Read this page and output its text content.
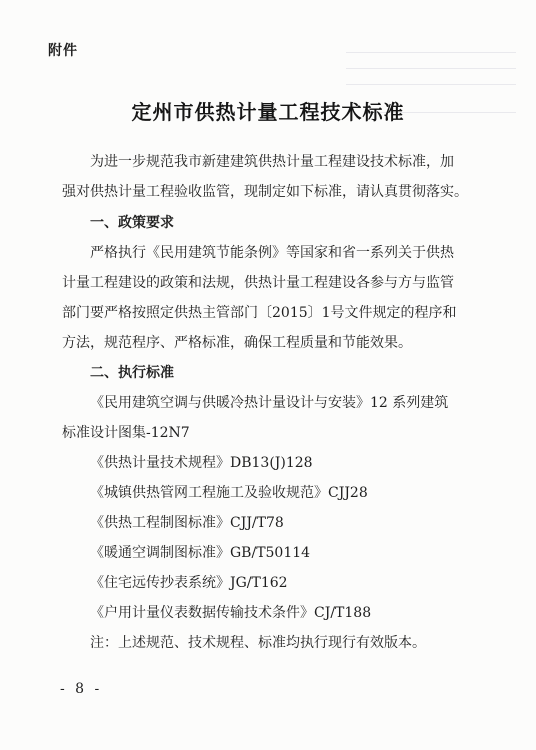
附件
定州市供热计量工程技术标准
为进一步规范我市新建建筑供热计量工程建设技术标准，加
强对供热计量工程验收监管，现制定如下标准，请认真贯彻落实。
一、政策要求
严格执行《民用建筑节能条例》等国家和省一系列关于供热
计量工程建设的政策和法规，供热计量工程建设各参与方与监管
部门要严格按照定供热主管部门〔2015〕1号文件规定的程序和
方法，规范程序、严格标准，确保工程质量和节能效果。
二、执行标准
《民用建筑空调与供暖冷热计量设计与安装》12 系列建筑
标准设计图集-12N7
《供热计量技术规程》DB13(J)128
《城镇供热管网工程施工及验收规范》CJJ28
《供热工程制图标准》CJJ/T78
《暖通空调制图标准》GB/T50114
《住宅远传抄表系统》JG/T162
《户用计量仪表数据传输技术条件》CJ/T188
注：上述规范、技术规程、标准均执行现行有效版本。
- 8 -
